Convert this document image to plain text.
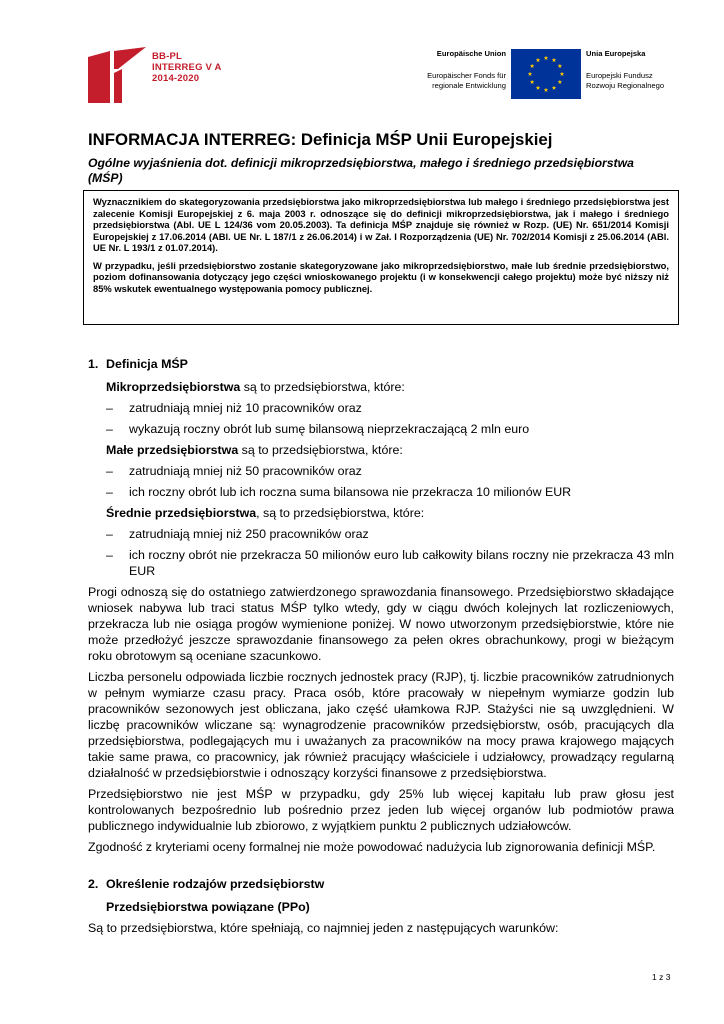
BB-PL
INTERREG V A
2014-2020
Europäische Union
Europäischer Fonds für
regionale Entwicklung
Unia Europejska
Europejski Fundusz
Rozwoju Regionalnego
INFORMACJA INTERREG: Definicja MŚP Unii Europejskiej
Ogólne wyjaśnienia dot. definicji mikroprzedsiębiorstwa, małego i średniego przedsiębiorstwa (MŚP)

Wyznacznikiem do skategoryzowania przedsiębiorstwa jako mikroprzedsiębiorstwa lub małego i średniego przedsiębiorstwa jest zalecenie Komisji Europejskiej z 6. maja 2003 r. odnoszące się do definicji mikroprzedsiębiorstwa, jak i małego i średniego przedsiębiorstwa (Abl. UE L 124/36 vom 20.05.2003). Ta definicja MŚP znajduje się również w Rozp. (UE) Nr. 651/2014 Komisji Europejskiej z 17.06.2014 (ABl. UE Nr. L 187/1 z 26.06.2014) i w Zał. I Rozporządzenia (UE) Nr. 702/2014 Komisji z 25.06.2014 (ABl. UE Nr. L 193/1 z 01.07.2014).

W przypadku, jeśli przedsiębiorstwo zostanie skategoryzowane jako mikroprzedsiębiorstwo, małe lub średnie przedsiębiorstwo, poziom dofinansowania dotyczący jego części wnioskowanego projektu (i w konsekwencji całego projektu) może być niższy niż 85% wskutek ewentualnego występowania pomocy publicznej.

1. Definicja MŚP
Mikroprzedsiębiorstwa są to przedsiębiorstwa, które:
– zatrudniają mniej niż 10 pracowników oraz
– wykazują roczny obrót lub sumę bilansową nieprzekraczającą 2 mln euro
Małe przedsiębiorstwa są to przedsiębiorstwa, które:
– zatrudniają mniej niż 50 pracowników oraz
– ich roczny obrót lub ich roczna suma bilansowa nie przekracza 10 milionów EUR
Średnie przedsiębiorstwa, są to przedsiębiorstwa, które:
– zatrudniają mniej niż 250 pracowników oraz
– ich roczny obrót nie przekracza 50 milionów euro lub całkowity bilans roczny nie przekracza 43 mln EUR
Progi odnoszą się do ostatniego zatwierdzonego sprawozdania finansowego. Przedsiębiorstwo składające wniosek nabywa lub traci status MŚP tylko wtedy, gdy w ciągu dwóch kolejnych lat rozliczeniowych, przekracza lub nie osiąga progów wymienione poniżej. W nowo utworzonym przedsiębiorstwie, które nie może przedłożyć jeszcze sprawozdanie finansowego za pełen okres obrachunkowy, progi w bieżącym roku obrotowym są oceniane szacunkowo.
Liczba personelu odpowiada liczbie rocznych jednostek pracy (RJP), tj. liczbie pracowników zatrudnionych w pełnym wymiarze czasu pracy. Praca osób, które pracowały w niepełnym wymiarze godzin lub pracowników sezonowych jest obliczana, jako część ułamkowa RJP. Stażyści nie są uwzględnieni. W liczbę pracowników wliczane są: wynagrodzenie pracowników przedsiębiorstw, osób, pracujących dla przedsiębiorstwa, podlegających mu i uważanych za pracowników na mocy prawa krajowego mających takie same prawa, co pracownicy, jak również pracujący właściciele i udziałowcy, prowadzący regularną działalność w przedsiębiorstwie i odnoszący korzyści finansowe z przedsiębiorstwa.
Przedsiębiorstwo nie jest MŚP w przypadku, gdy 25% lub więcej kapitału lub praw głosu jest kontrolowanych bezpośrednio lub pośrednio przez jeden lub więcej organów lub podmiotów prawa publicznego indywidualnie lub zbiorowo, z wyjątkiem punktu 2 publicznych udziałowców.
Zgodność z kryteriami oceny formalnej nie może powodować nadużycia lub zignorowania definicji MŚP.
2. Określenie rodzajów przedsiębiorstw
Przedsiębiorstwa powiązane (PPo)
Są to przedsiębiorstwa, które spełniają, co najmniej jeden z następujących warunków:
1 z 3
